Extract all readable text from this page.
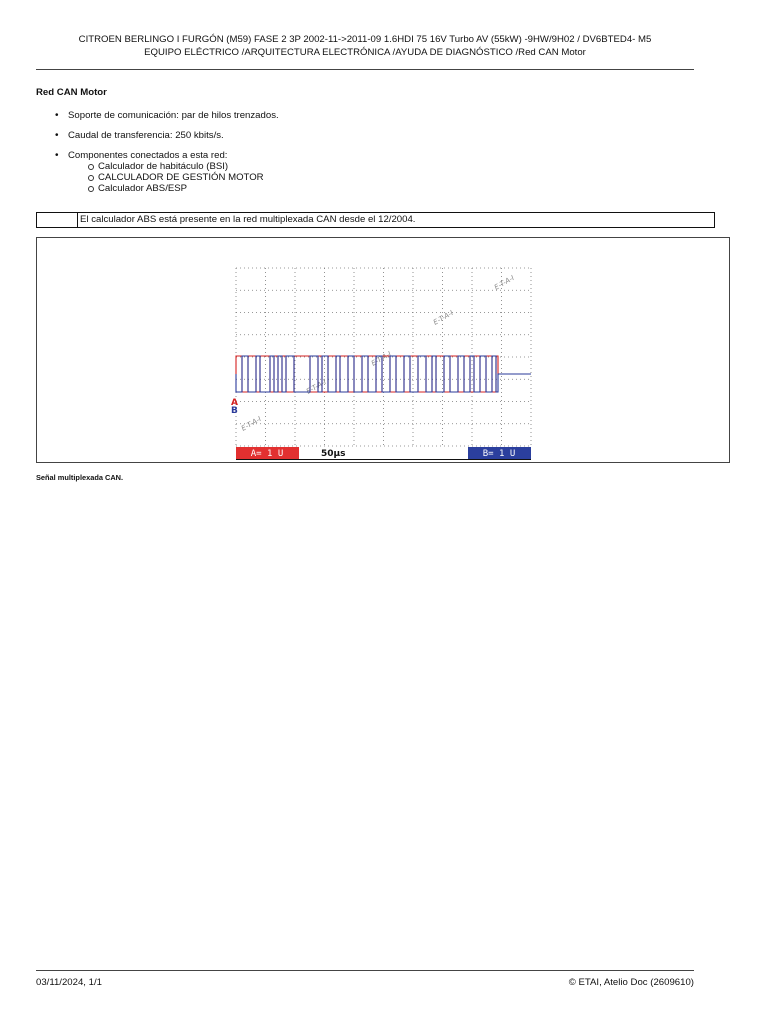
CITROEN BERLINGO I FURGÓN (M59) FASE 2 3P 2002-11->2011-09 1.6HDI 75 16V Turbo AV (55kW) -9HW/9H02 / DV6BTED4- M5
EQUIPO ELÉCTRICO /ARQUITECTURA ELECTRÓNICA /AYUDA DE DIAGNÓSTICO /Red CAN Motor
Red CAN Motor
• Soporte de comunicación: par de hilos trenzados.
• Caudal de transferencia: 250 kbits/s.
• Componentes conectados a esta red:
Calculador de habitáculo (BSI)
CALCULADOR DE GESTIÓN MOTOR
Calculador ABS/ESP
El calculador ABS está presente en la red multiplexada CAN desde el 12/2004.
E-T-A-I
E-T-A-I
E-T-A-I
E-T-A-I
E-T-A-I
A
B
A= 1 U	50µs	B= 1 U
Señal multiplexada CAN.
03/11/2024, 1/1	© ETAI, Atelio Doc (2609610)
